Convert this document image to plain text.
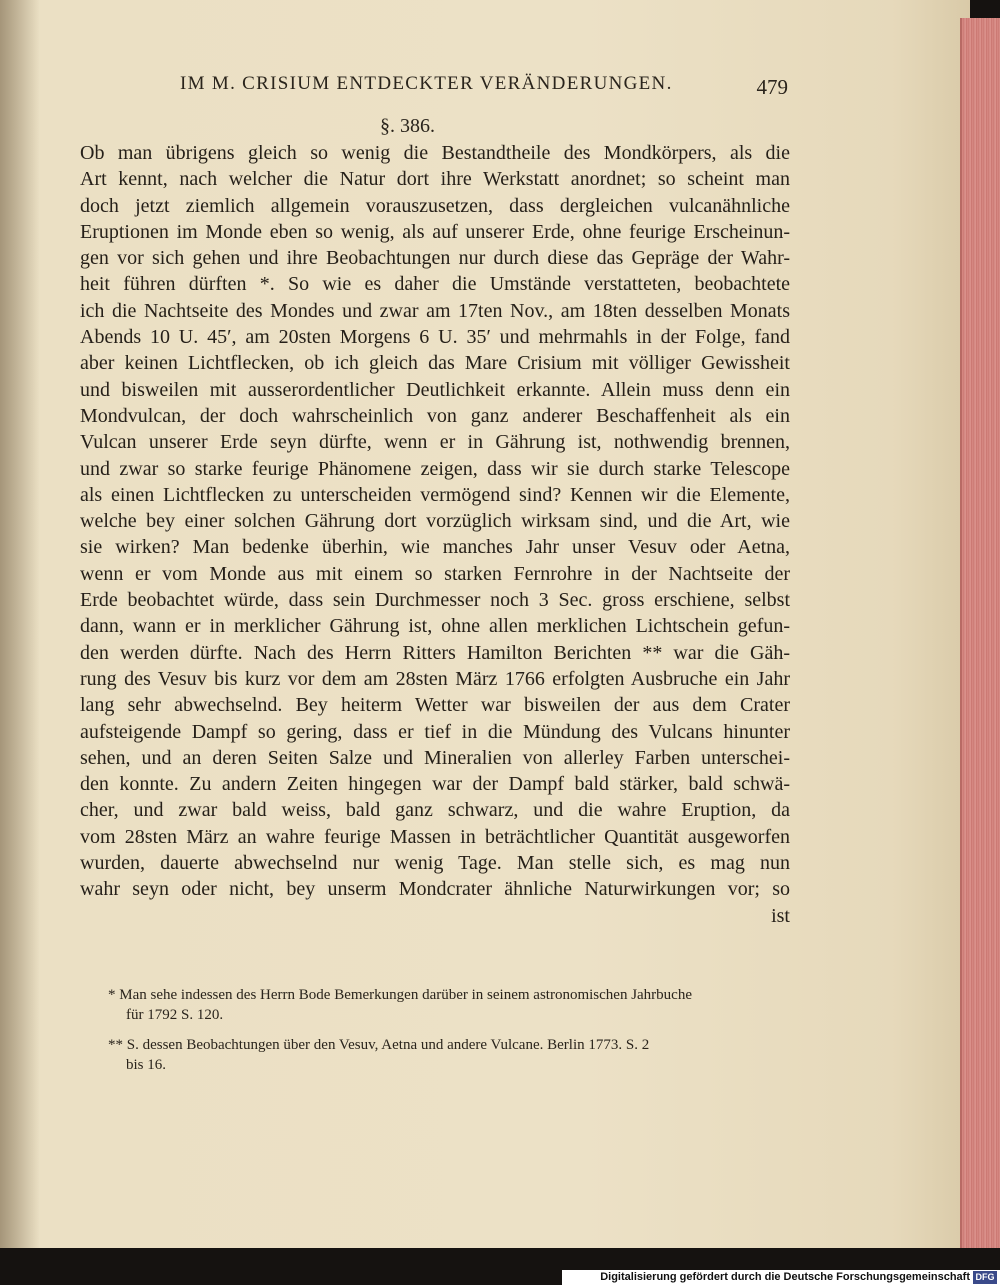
IM M. CRISIUM ENTDECKTER VERÄNDERUNGEN.	479
§. 386.
Ob man übrigens gleich so wenig die Bestandtheile des Mondkörpers, als die
Art kennt, nach welcher die Natur dort ihre Werkstatt anordnet; so scheint man
doch jetzt ziemlich allgemein vorauszusetzen, dass dergleichen vulcanähnliche
Eruptionen im Monde eben so wenig, als auf unserer Erde, ohne feurige Erscheinun-
gen vor sich gehen und ihre Beobachtungen nur durch diese das Gepräge der Wahr-
heit führen dürften *. So wie es daher die Umstände verstatteten, beobachtete
ich die Nachtseite des Mondes und zwar am 17ten Nov., am 18ten desselben Monats
Abends 10 U. 45′, am 20sten Morgens 6 U. 35′ und mehrmahls in der Folge, fand
aber keinen Lichtflecken, ob ich gleich das Mare Crisium mit völliger Gewissheit
und bisweilen mit ausserordentlicher Deutlichkeit erkannte. Allein muss denn ein
Mondvulcan, der doch wahrscheinlich von ganz anderer Beschaffenheit als ein
Vulcan unserer Erde seyn dürfte, wenn er in Gährung ist, nothwendig brennen,
und zwar so starke feurige Phänomene zeigen, dass wir sie durch starke Telescope
als einen Lichtflecken zu unterscheiden vermögend sind? Kennen wir die Elemente,
welche bey einer solchen Gährung dort vorzüglich wirksam sind, und die Art, wie
sie wirken? Man bedenke überhin, wie manches Jahr unser Vesuv oder Aetna,
wenn er vom Monde aus mit einem so starken Fernrohre in der Nachtseite der
Erde beobachtet würde, dass sein Durchmesser noch 3 Sec. gross erschiene, selbst
dann, wann er in merklicher Gährung ist, ohne allen merklichen Lichtschein gefun-
den werden dürfte. Nach des Herrn Ritters Hamilton Berichten ** war die Gäh-
rung des Vesuv bis kurz vor dem am 28sten März 1766 erfolgten Ausbruche ein Jahr
lang sehr abwechselnd. Bey heiterm Wetter war bisweilen der aus dem Crater
aufsteigende Dampf so gering, dass er tief in die Mündung des Vulcans hinunter
sehen, und an deren Seiten Salze und Mineralien von allerley Farben unterschei-
den konnte. Zu andern Zeiten hingegen war der Dampf bald stärker, bald schwä-
cher, und zwar bald weiss, bald ganz schwarz, und die wahre Eruption, da
vom 28sten März an wahre feurige Massen in beträchtlicher Quantität ausgeworfen
wurden, dauerte abwechselnd nur wenig Tage. Man stelle sich, es mag nun
wahr seyn oder nicht, bey unserm Mondcrater ähnliche Naturwirkungen vor; so
ist
* Man sehe indessen des Herrn Bode Bemerkungen darüber in seinem astronomischen Jahrbuche
für 1792 S. 120.
** S. dessen Beobachtungen über den Vesuv, Aetna und andere Vulcane. Berlin 1773. S. 2
bis 16.
Digitalisierung gefördert durch die Deutsche Forschungsgemeinschaft DFG
